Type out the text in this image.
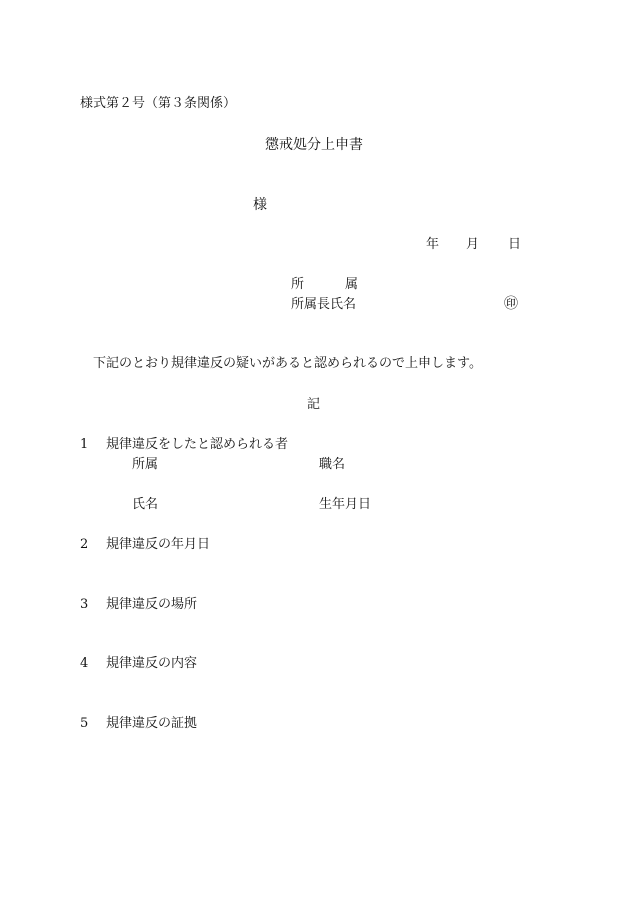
様式第２号（第３条関係）
懲戒処分上申書
様
年 月 日
所	属
所属長氏名	㊞
下記のとおり規律違反の疑いがあると認められるので上申します。
記
1 規律違反をしたと認められる者
所属	職名
氏名	生年月日
2 規律違反の年月日
3 規律違反の場所
4 規律違反の内容
5 規律違反の証拠
